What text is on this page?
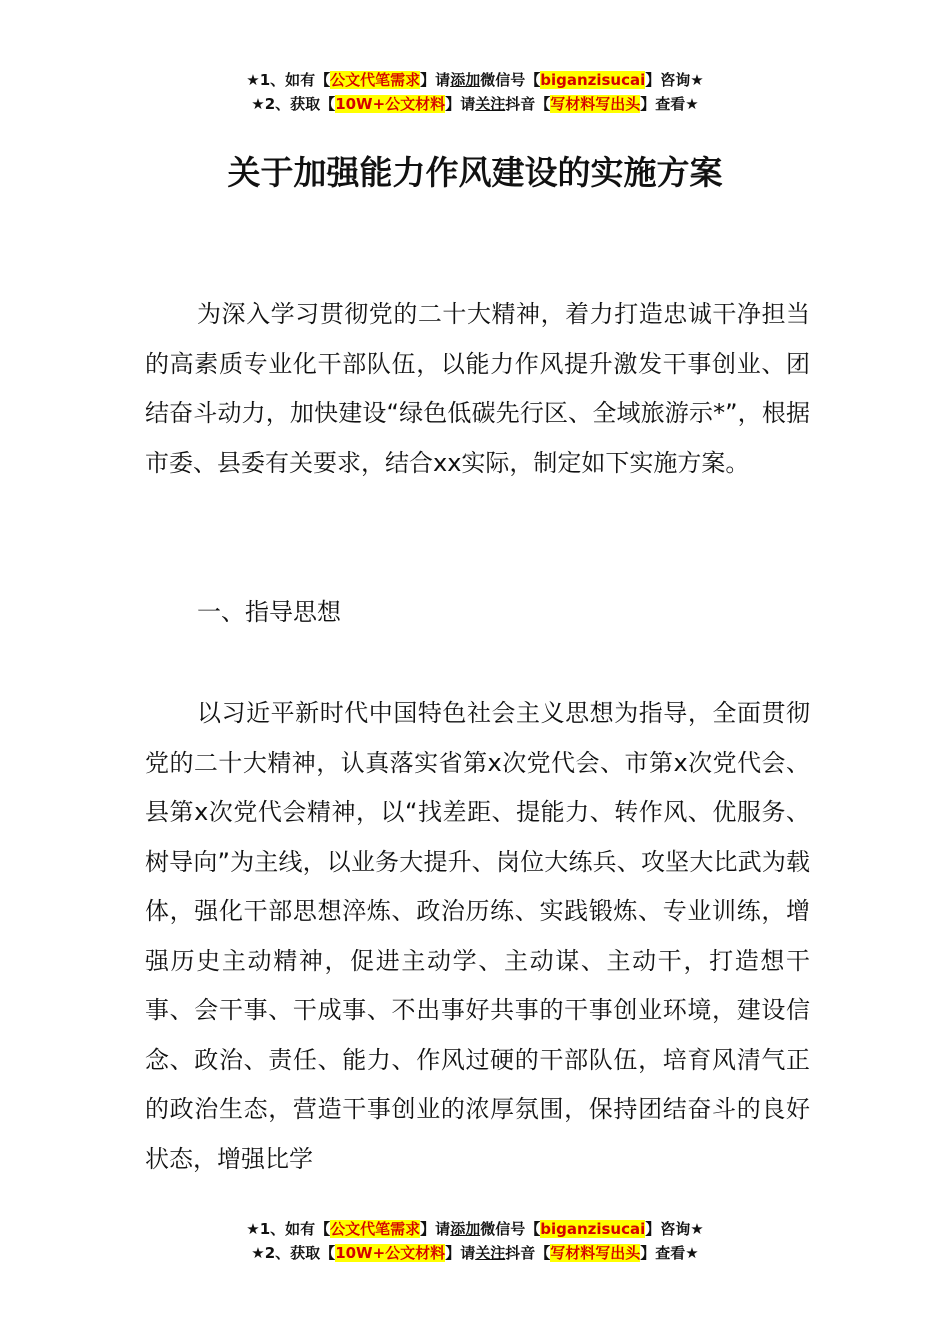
★1、如有【公文代笔需求】请添加微信号【biganzisucai】咨询★
★2、获取【10W+公文材料】请关注抖音【写材料写出头】查看★
关于加强能力作风建设的实施方案

为深入学习贯彻党的二十大精神，着力打造忠诚干净担当的高素质专业化干部队伍，以能力作风提升激发干事创业、团结奋斗动力，加快建设“绿色低碳先行区、全域旅游示*”，根据市委、县委有关要求，结合xx实际，制定如下实施方案。

一、指导思想

以习近平新时代中国特色社会主义思想为指导，全面贯彻党的二十大精神，认真落实省第x次党代会、市第x次党代会、县第x次党代会精神，以“找差距、提能力、转作风、优服务、树导向”为主线，以业务大提升、岗位大练兵、攻坚大比武为载体，强化干部思想淬炼、政治历练、实践锻炼、专业训练，增强历史主动精神，促进主动学、主动谋、主动干，打造想干事、会干事、干成事、不出事好共事的干事创业环境，建设信念、政治、责任、能力、作风过硬的干部队伍，培育风清气正的政治生态，营造干事创业的浓厚氛围，保持团结奋斗的良好状态，增强比学

★1、如有【公文代笔需求】请添加微信号【biganzisucai】咨询★
★2、获取【10W+公文材料】请关注抖音【写材料写出头】查看★
